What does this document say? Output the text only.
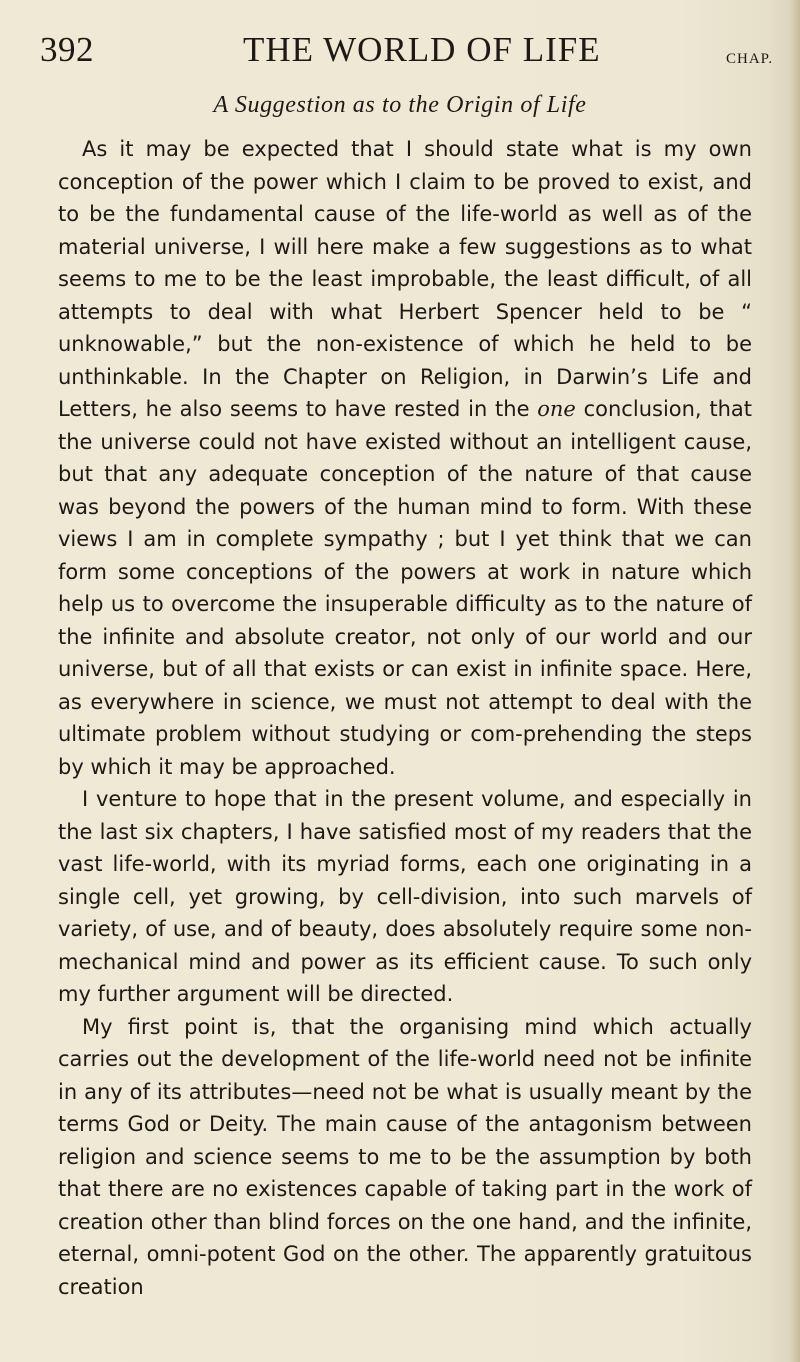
392	THE WORLD OF LIFE	CHAP.
A Suggestion as to the Origin of Life

As it may be expected that I should state what is my own conception of the power which I claim to be proved to exist, and to be the fundamental cause of the life-world as well as of the material universe, I will here make a few suggestions as to what seems to me to be the least improbable, the least difficult, of all attempts to deal with what Herbert Spencer held to be “ unknowable,” but the non-existence of which he held to be unthinkable. In the Chapter on Religion, in Darwin’s Life and Letters, he also seems to have rested in the one conclusion, that the universe could not have existed without an intelligent cause, but that any adequate conception of the nature of that cause was beyond the powers of the human mind to form. With these views I am in complete sympathy ; but I yet think that we can form some conceptions of the powers at work in nature which help us to overcome the insuperable difficulty as to the nature of the infinite and absolute creator, not only of our world and our universe, but of all that exists or can exist in infinite space. Here, as everywhere in science, we must not attempt to deal with the ultimate problem without studying or com-prehending the steps by which it may be approached.

I venture to hope that in the present volume, and especially in the last six chapters, I have satisfied most of my readers that the vast life-world, with its myriad forms, each one originating in a single cell, yet growing, by cell-division, into such marvels of variety, of use, and of beauty, does absolutely require some non-mechanical mind and power as its efficient cause. To such only my further argument will be directed.

My first point is, that the organising mind which actually carries out the development of the life-world need not be infinite in any of its attributes—need not be what is usually meant by the terms God or Deity. The main cause of the antagonism between religion and science seems to me to be the assumption by both that there are no existences capable of taking part in the work of creation other than blind forces on the one hand, and the infinite, eternal, omni-potent God on the other. The apparently gratuitous creation
